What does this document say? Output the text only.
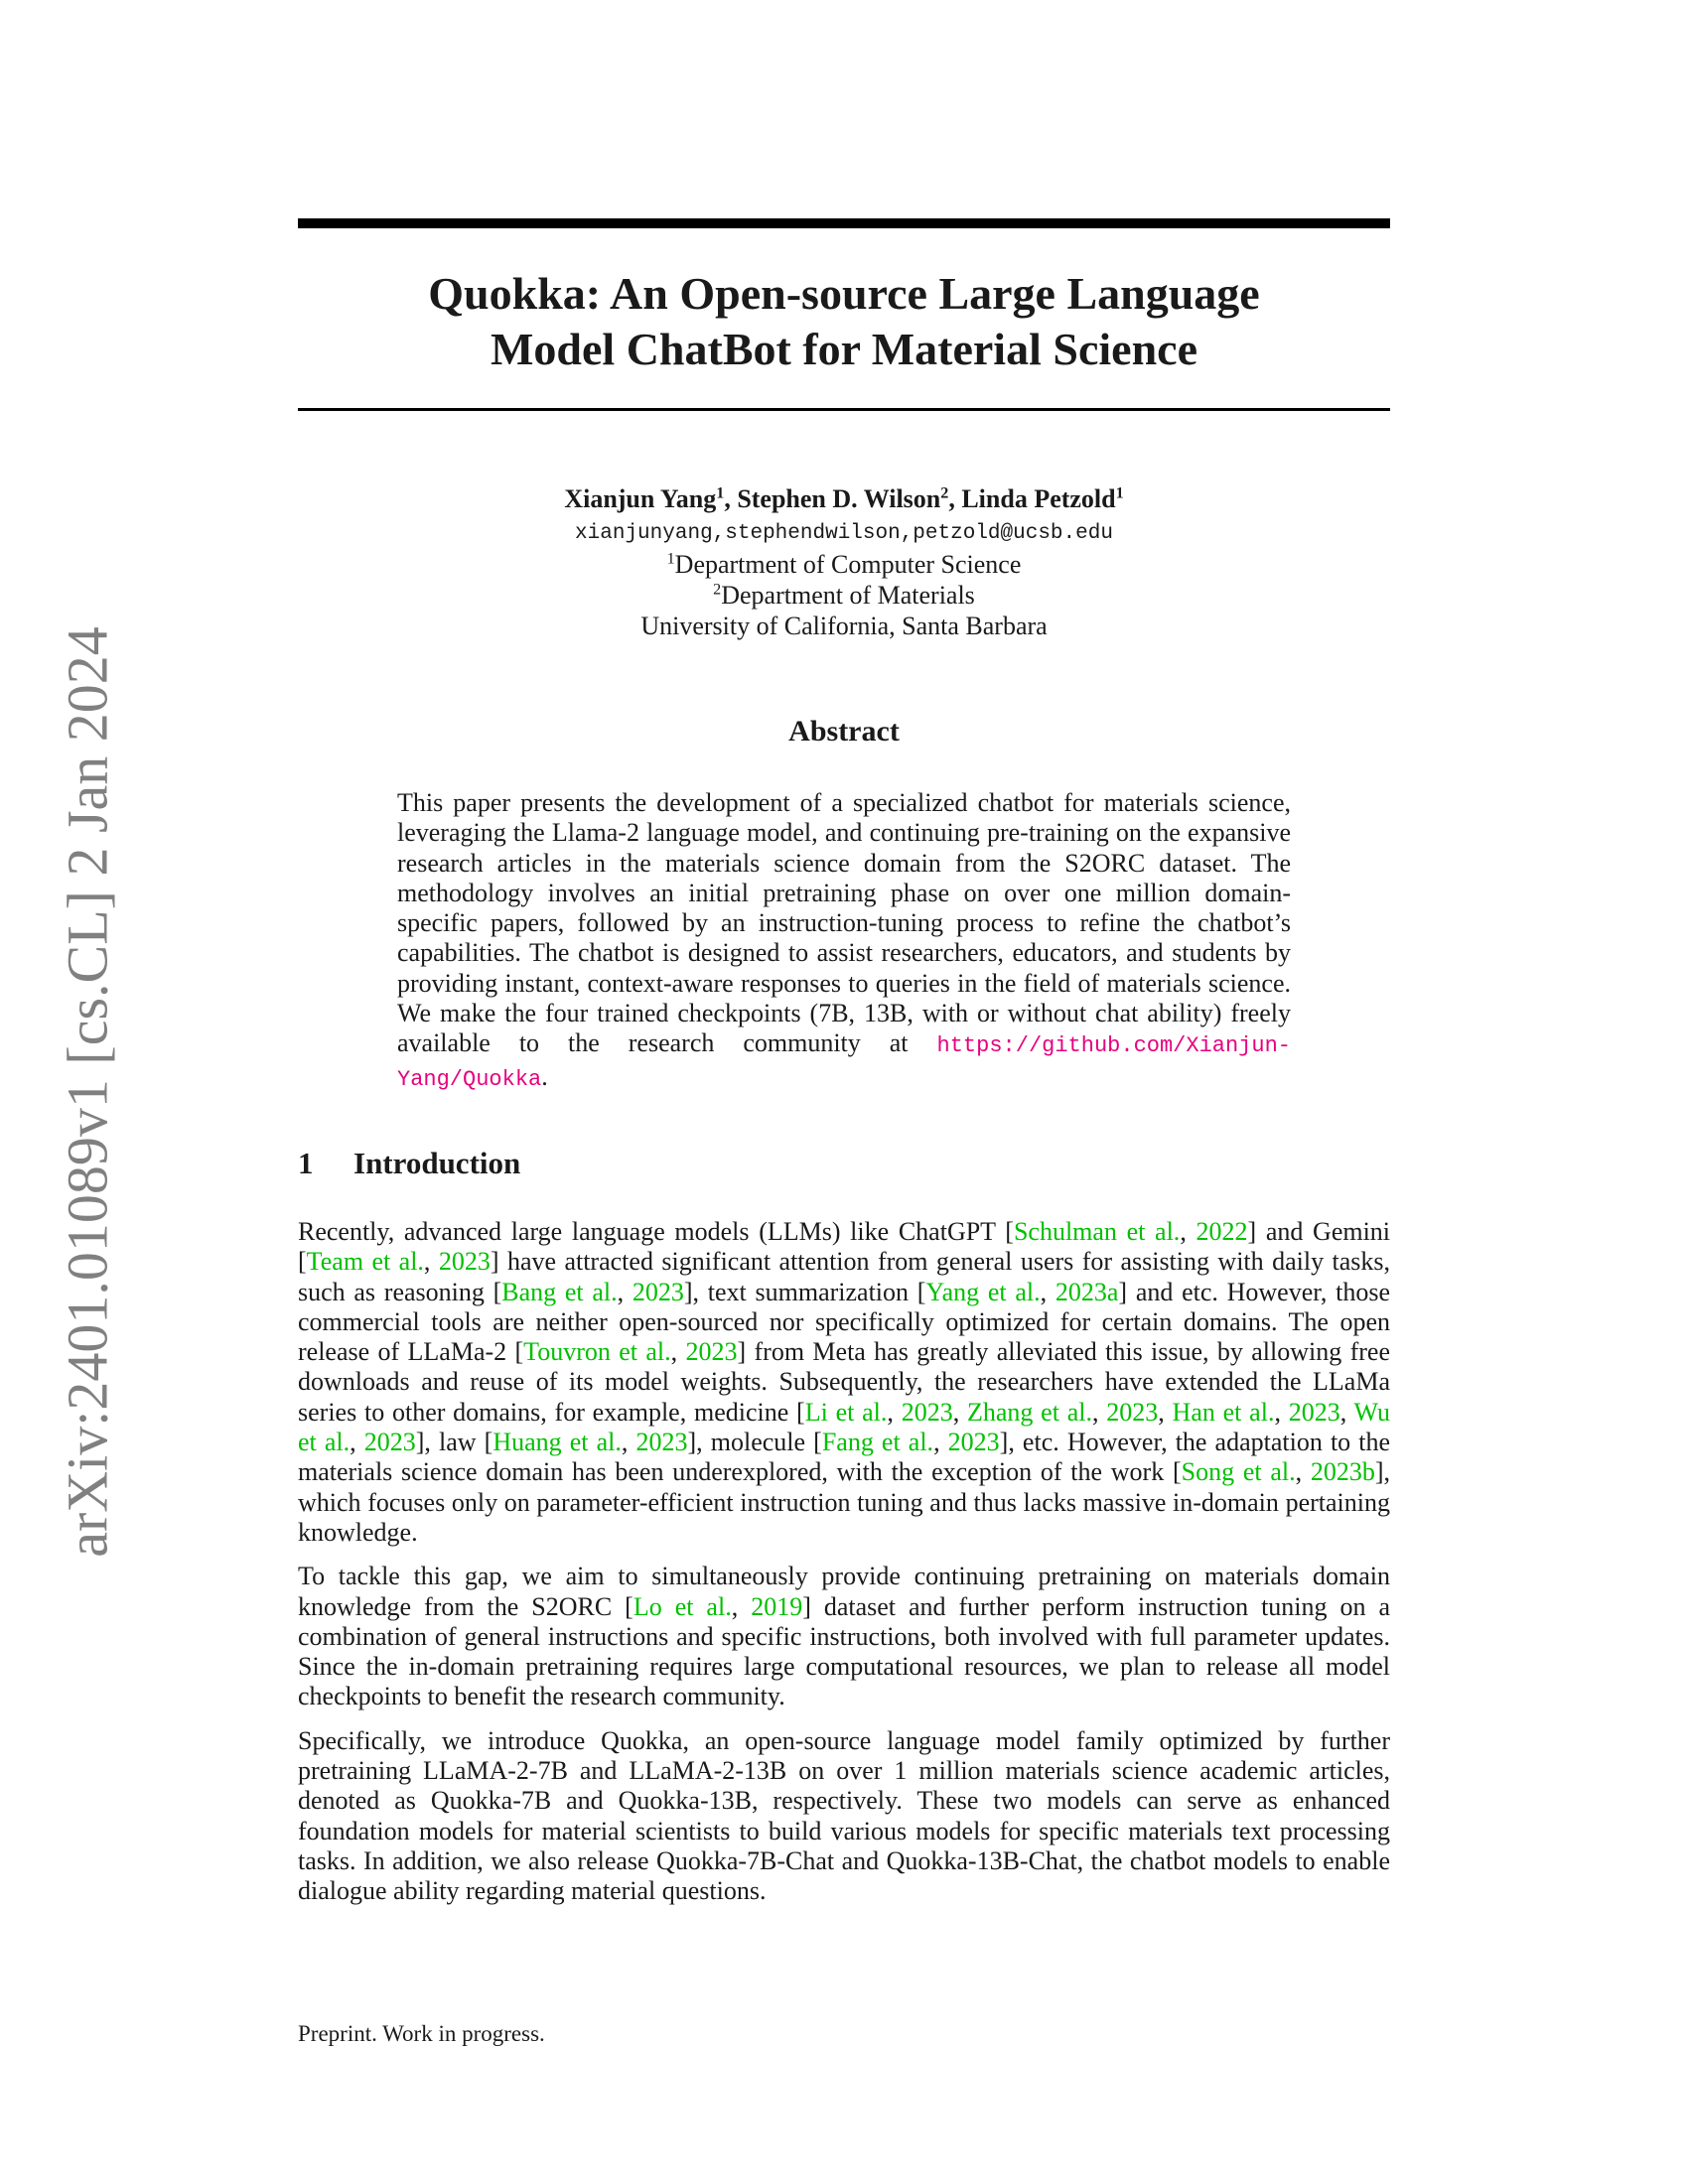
arXiv:2401.01089v1 [cs.CL] 2 Jan 2024
Quokka: An Open-source Large Language
Model ChatBot for Material Science
Xianjun Yang$^1$, Stephen D. Wilson$^2$, Linda Petzold$^1$
xianjunyang,stephendwilson,petzold@ucsb.edu
$^1$Department of Computer Science
$^2$Department of Materials
University of California, Santa Barbara
Abstract
This paper presents the development of a specialized chatbot for materials science, leveraging the Llama-2 language model, and continuing pre-training on the expansive research articles in the materials science domain from the S2ORC dataset. The methodology involves an initial pretraining phase on over one million domain-specific papers, followed by an instruction-tuning process to refine the chatbot’s capabilities. The chatbot is designed to assist researchers, educators, and students by providing instant, context-aware responses to queries in the field of materials science. We make the four trained checkpoints (7B, 13B, with or without chat ability) freely available to the research community at https://github.com/Xianjun-Yang/Quokka.
1 Introduction

Recently, advanced large language models (LLMs) like ChatGPT [Schulman et al., 2022] and Gemini [Team et al., 2023] have attracted significant attention from general users for assisting with daily tasks, such as reasoning [Bang et al., 2023], text summarization [Yang et al., 2023a] and etc. However, those commercial tools are neither open-sourced nor specifically optimized for certain domains. The open release of LLaMa-2 [Touvron et al., 2023] from Meta has greatly alleviated this issue, by allowing free downloads and reuse of its model weights. Subsequently, the researchers have extended the LLaMa series to other domains, for example, medicine [Li et al., 2023, Zhang et al., 2023, Han et al., 2023, Wu et al., 2023], law [Huang et al., 2023], molecule [Fang et al., 2023], etc. However, the adaptation to the materials science domain has been underexplored, with the exception of the work [Song et al., 2023b], which focuses only on parameter-efficient instruction tuning and thus lacks massive in-domain pertaining knowledge.

To tackle this gap, we aim to simultaneously provide continuing pretraining on materials domain knowledge from the S2ORC [Lo et al., 2019] dataset and further perform instruction tuning on a combination of general instructions and specific instructions, both involved with full parameter updates. Since the in-domain pretraining requires large computational resources, we plan to release all model checkpoints to benefit the research community.

Specifically, we introduce Quokka, an open-source language model family optimized by further pretraining LLaMA-2-7B and LLaMA-2-13B on over 1 million materials science academic articles, denoted as Quokka-7B and Quokka-13B, respectively. These two models can serve as enhanced foundation models for material scientists to build various models for specific materials text processing tasks. In addition, we also release Quokka-7B-Chat and Quokka-13B-Chat, the chatbot models to enable dialogue ability regarding material questions.

Preprint. Work in progress.
